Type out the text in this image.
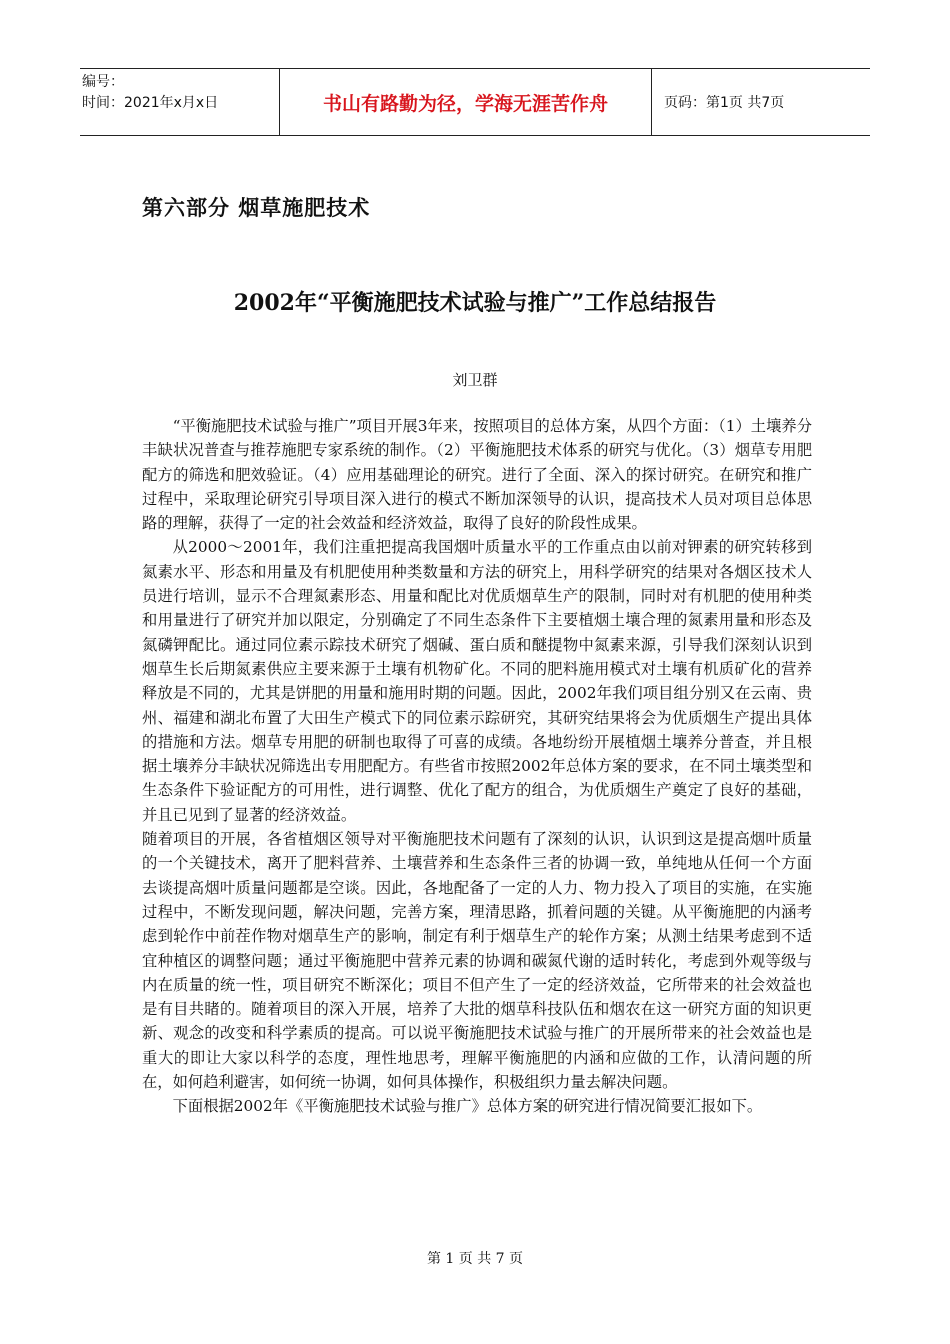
编号：
时间：2021年x月x日	书山有路勤为径，学海无涯苦作舟	页码：第1页 共7页
第六部分 烟草施肥技术
2002年“平衡施肥技术试验与推广”工作总结报告
刘卫群

“平衡施肥技术试验与推广”项目开展3年来，按照项目的总体方案，从四个方面：（1）土壤养分丰缺状况普查与推荐施肥专家系统的制作。（2）平衡施肥技术体系的研究与优化。（3）烟草专用肥配方的筛选和肥效验证。（4）应用基础理论的研究。进行了全面、深入的探讨研究。在研究和推广过程中，采取理论研究引导项目深入进行的模式不断加深领导的认识，提高技术人员对项目总体思路的理解，获得了一定的社会效益和经济效益，取得了良好的阶段性成果。

从2000～2001年，我们注重把提高我国烟叶质量水平的工作重点由以前对钾素的研究转移到氮素水平、形态和用量及有机肥使用种类数量和方法的研究上，用科学研究的结果对各烟区技术人员进行培训，显示不合理氮素形态、用量和配比对优质烟草生产的限制，同时对有机肥的使用种类和用量进行了研究并加以限定，分别确定了不同生态条件下主要植烟土壤合理的氮素用量和形态及氮磷钾配比。通过同位素示踪技术研究了烟碱、蛋白质和醚提物中氮素来源，引导我们深刻认识到烟草生长后期氮素供应主要来源于土壤有机物矿化。不同的肥料施用模式对土壤有机质矿化的营养释放是不同的，尤其是饼肥的用量和施用时期的问题。因此，2002年我们项目组分别又在云南、贵州、福建和湖北布置了大田生产模式下的同位素示踪研究，其研究结果将会为优质烟生产提出具体的措施和方法。烟草专用肥的研制也取得了可喜的成绩。各地纷纷开展植烟土壤养分普查，并且根据土壤养分丰缺状况筛选出专用肥配方。有些省市按照2002年总体方案的要求，在不同土壤类型和生态条件下验证配方的可用性，进行调整、优化了配方的组合，为优质烟生产奠定了良好的基础，并且已见到了显著的经济效益。

随着项目的开展，各省植烟区领导对平衡施肥技术问题有了深刻的认识，认识到这是提高烟叶质量的一个关键技术，离开了肥料营养、土壤营养和生态条件三者的协调一致，单纯地从任何一个方面去谈提高烟叶质量问题都是空谈。因此，各地配备了一定的人力、物力投入了项目的实施，在实施过程中，不断发现问题，解决问题，完善方案，理清思路，抓着问题的关键。从平衡施肥的内涵考虑到轮作中前茬作物对烟草生产的影响，制定有利于烟草生产的轮作方案；从测土结果考虑到不适宜种植区的调整问题；通过平衡施肥中营养元素的协调和碳氮代谢的适时转化，考虑到外观等级与内在质量的统一性，项目研究不断深化；项目不但产生了一定的经济效益，它所带来的社会效益也是有目共睹的。随着项目的深入开展，培养了大批的烟草科技队伍和烟农在这一研究方面的知识更新、观念的改变和科学素质的提高。可以说平衡施肥技术试验与推广的开展所带来的社会效益也是重大的即让大家以科学的态度，理性地思考，理解平衡施肥的内涵和应做的工作，认清问题的所在，如何趋利避害，如何统一协调，如何具体操作，积极组织力量去解决问题。

下面根据2002年《平衡施肥技术试验与推广》总体方案的研究进行情况简要汇报如下。

第 1 页 共 7 页
